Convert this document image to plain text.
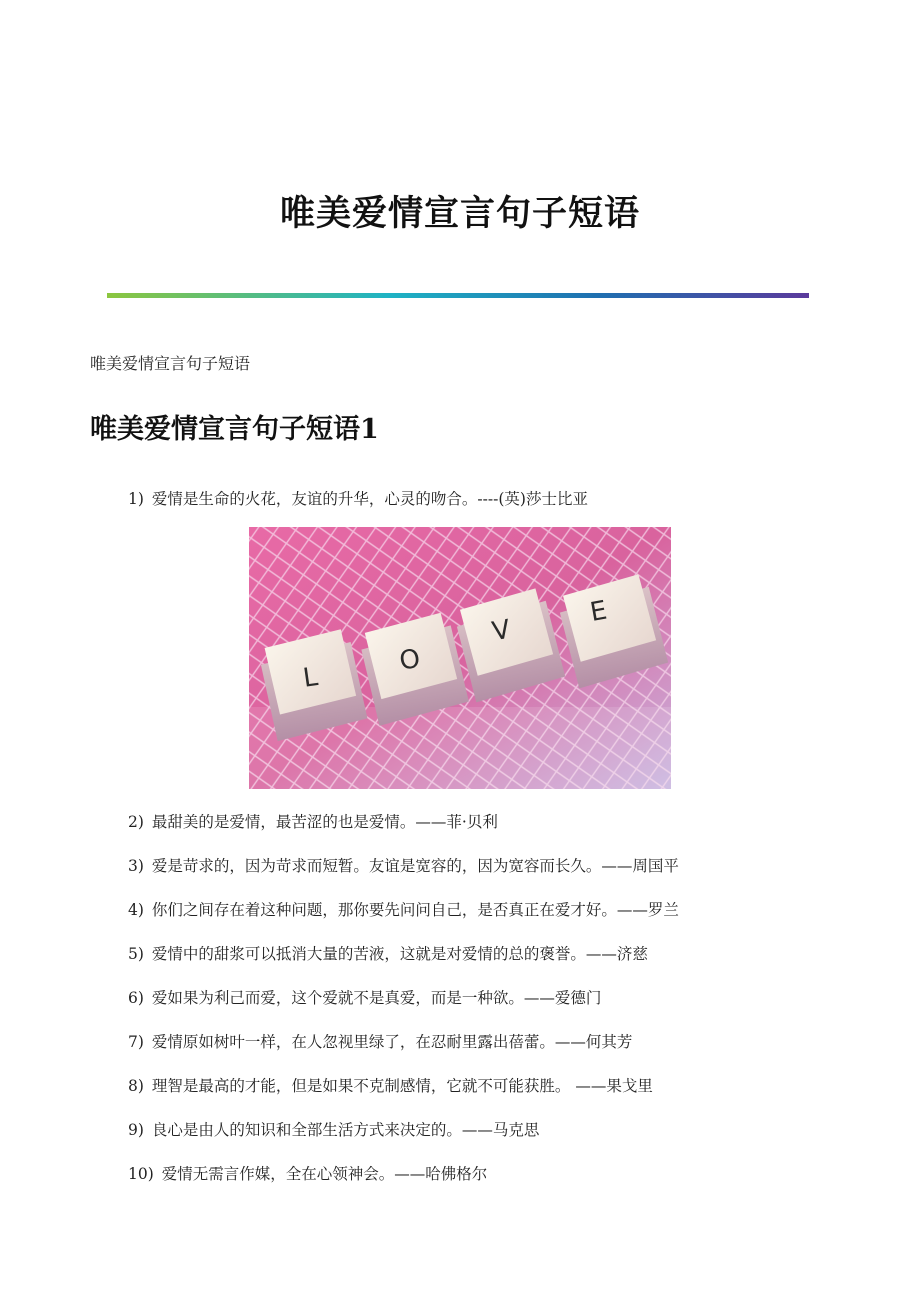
唯美爱情宣言句子短语
唯美爱情宣言句子短语
唯美爱情宣言句子短语1
1) 爱情是生命的火花，友谊的升华，心灵的吻合。----(英)莎士比亚
L
O
V
E
2) 最甜美的是爱情，最苦涩的也是爱情。——菲·贝利
3) 爱是苛求的，因为苛求而短暂。友谊是宽容的，因为宽容而长久。——周国平
4) 你们之间存在着这种问题，那你要先问问自己，是否真正在爱才好。——罗兰
5) 爱情中的甜浆可以抵消大量的苦液，这就是对爱情的总的褒誉。——济慈
6) 爱如果为利己而爱，这个爱就不是真爱，而是一种欲。——爱德门
7) 爱情原如树叶一样，在人忽视里绿了，在忍耐里露出蓓蕾。——何其芳
8) 理智是最高的才能，但是如果不克制感情，它就不可能获胜。 ——果戈里
9) 良心是由人的知识和全部生活方式来决定的。——马克思
10) 爱情无需言作媒，全在心领神会。——哈佛格尔
